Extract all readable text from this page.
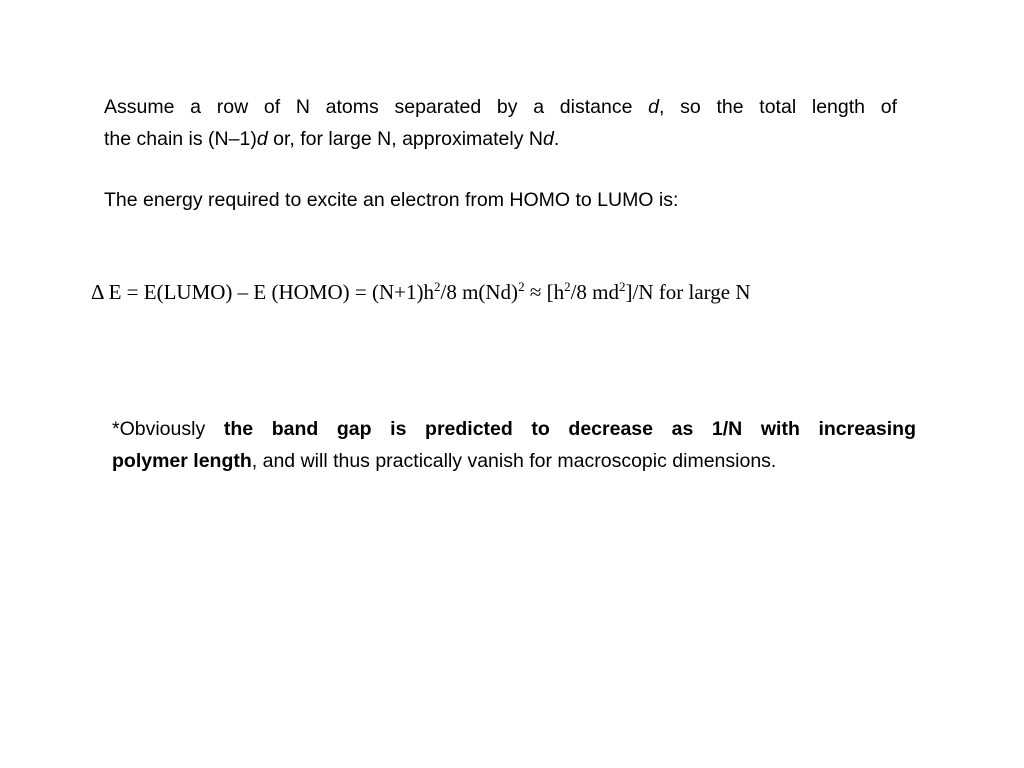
Assume a row of N atoms separated by a distance d, so the total length of
the chain is (N–1)d or, for large N, approximately Nd.
The energy required to excite an electron from HOMO to LUMO is:
Δ E = E(LUMO) – E (HOMO) = $(N+1)h^2/8$ $m(Nd)^2 \approx [h^2/8$ $md^2]/N$ for large N
*Obviously the band gap is predicted to decrease as 1/N with increasing
polymer length, and will thus practically vanish for macroscopic dimensions.
